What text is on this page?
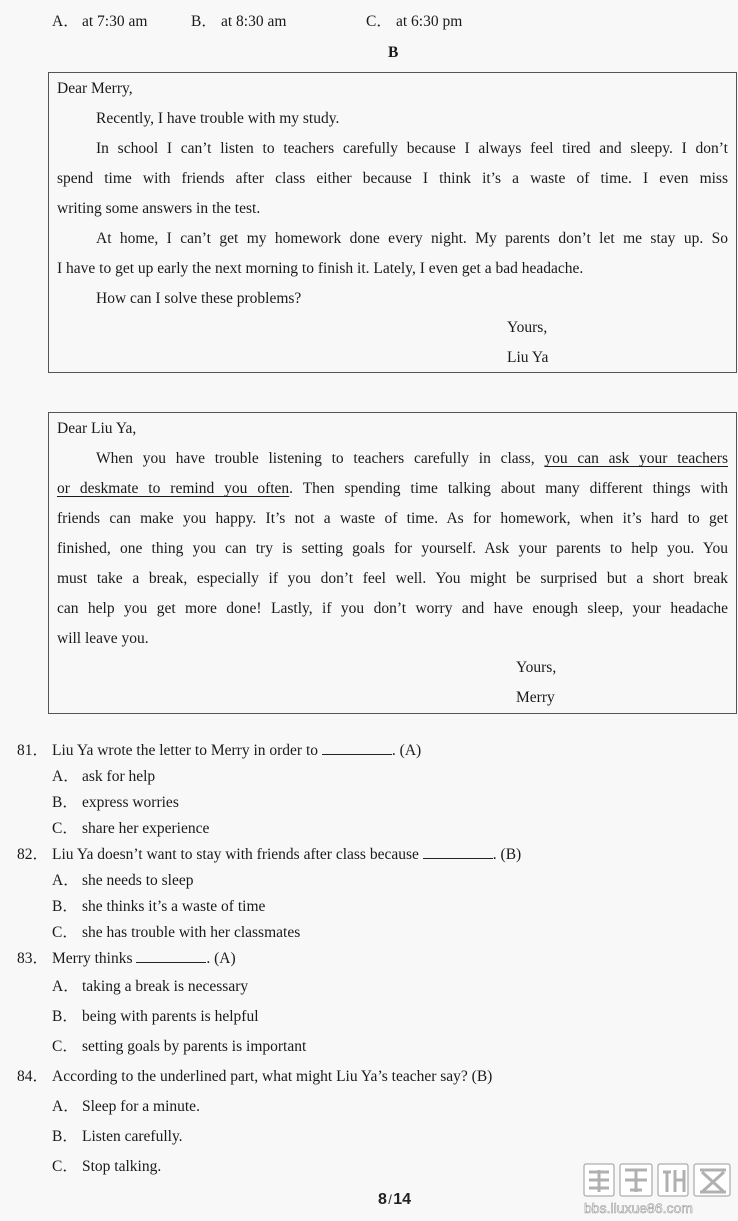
A． at 7:30 am	B． at 8:30 am	C． at 6:30 pm
B
Dear Merry,
Recently, I have trouble with my study.
In school I can’t listen to teachers carefully because I always feel tired and sleepy. I don’t
spend time with friends after class either because I think it’s a waste of time. I even miss
writing some answers in the test.
At home, I can’t get my homework done every night. My parents don’t let me stay up. So
I have to get up early the next morning to finish it. Lately, I even get a bad headache.
How can I solve these problems?
Yours,
Liu Ya
Dear Liu Ya,
When you have trouble listening to teachers carefully in class, you can ask your teachers
or deskmate to remind you often. Then spending time talking about many different things with
friends can make you happy. It’s not a waste of time. As for homework, when it’s hard to get
finished, one thing you can try is setting goals for yourself. Ask your parents to help you. You
must take a break, especially if you don’t feel well. You might be surprised but a short break
can help you get more done! Lastly, if you don’t worry and have enough sleep, your headache
will leave you.
Yours,
Merry
81． Liu Ya wrote the letter to Merry in order to	. (A)
A． ask for help
B． express worries
C． share her experience
82． Liu Ya doesn’t want to stay with friends after class because	. (B)
A． she needs to sleep
B． she thinks it’s a waste of time
C． she has trouble with her classmates
83． Merry thinks	. (A)
A． taking a break is necessary
B． being with parents is helpful
C． setting goals by parents is important
84． According to the underlined part, what might Liu Ya’s teacher say? (B)
A． Sleep for a minute.
B． Listen carefully.
C． Stop talking.
8 / 14	bbs.liuxue86.com
